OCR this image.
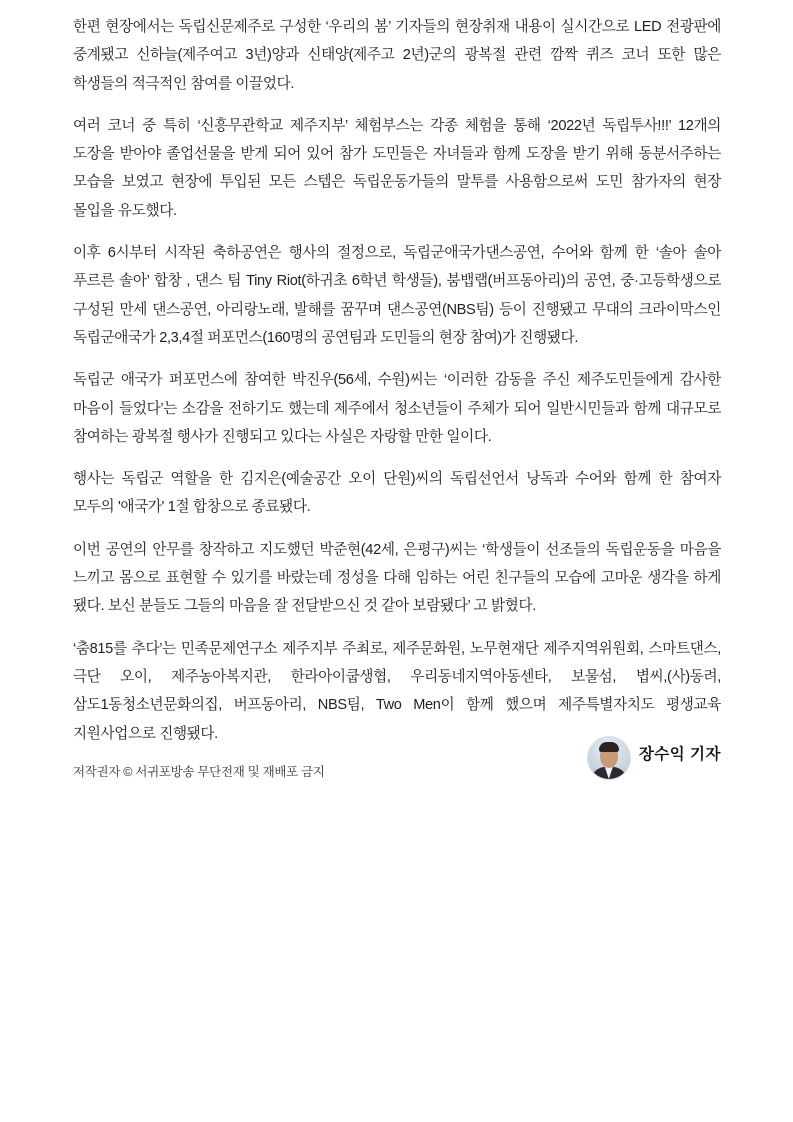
한편 현장에서는 독립신문제주로 구성한 ‘우리의 봄’ 기자들의 현장취재 내용이 실시간으로 LED 전광판에 중계됐고 신하늘(제주여고 3년)양과 신태양(제주고 2년)군의 광복절 관련 깜짝 퀴즈 코너 또한 많은 학생들의 적극적인 참여를 이끌었다.

여러 코너 중 특히 ‘신흥무관학교 제주지부’ 체험부스는 각종 체험을 통해 ‘2022년 독립투사!!!’ 12개의 도장을 받아야 졸업선물을 받게 되어 있어 참가 도민들은 자녀들과 함께 도장을 받기 위해 동분서주하는 모습을 보였고 현장에 투입된 모든 스텝은 독립운동가들의 말투를 사용함으로써 도민 참가자의 현장 몰입을 유도했다.

이후 6시부터 시작된 축하공연은 행사의 절정으로, 독립군애국가댄스공연, 수어와 함께 한 ‘솔아 솔아 푸르른 솔아’ 합창 , 댄스 팀 Tiny Riot(하귀초 6학년 학생들), 붐뱁랩(버프동아리)의 공연, 중·고등학생으로 구성된 만세 댄스공연, 아리랑노래, 발해를 꿈꾸며 댄스공연(NBS팀) 등이 진행됐고 무대의 크라이막스인 독립군애국가 2,3,4절 퍼포먼스(160명의 공연팀과 도민들의 현장 참여)가 진행됐다.

독립군 애국가 퍼포먼스에 참여한 박진우(56세, 수원)씨는 ‘이러한 감동을 주신 제주도민들에게 감사한 마음이 들었다’는 소감을 전하기도 했는데 제주에서 청소년들이 주체가 되어 일반시민들과 함께 대규모로 참여하는 광복절 행사가 진행되고 있다는 사실은 자랑할 만한 일이다.

행사는 독립군 역할을 한 김지은(예술공간 오이 단원)씨의 독립선언서 낭독과 수어와 함께 한 참여자 모두의 '애국가' 1절 합창으로 종료됐다.

이번 공연의 안무를 창작하고 지도했던 박준현(42세, 은평구)씨는 ‘학생들이 선조들의 독립운동을 마음을 느끼고 몸으로 표현할 수 있기를 바랐는데 정성을 다해 임하는 어린 친구들의 모습에 고마운 생각을 하게 됐다. 보신 분들도 그들의 마음을 잘 전달받으신 것 같아 보람됐다’ 고 밝혔다.

‘춤815를 추다’는 민족문제연구소 제주지부 주최로, 제주문화원, 노무현재단 제주지역위원회, 스마트댄스, 극단 오이, 제주농아복지관, 한라아이쿱생협, 우리동네지역아동센타, 보물섬, 볍씨,(사)동려, 삼도1동청소년문화의집, 버프동아리, NBS팀, Two Men이 함께 했으며 제주특별자치도 평생교육 지원사업으로 진행됐다.

저작권자 © 서귀포방송 무단전재 및 재배포 금지

장수익 기자
